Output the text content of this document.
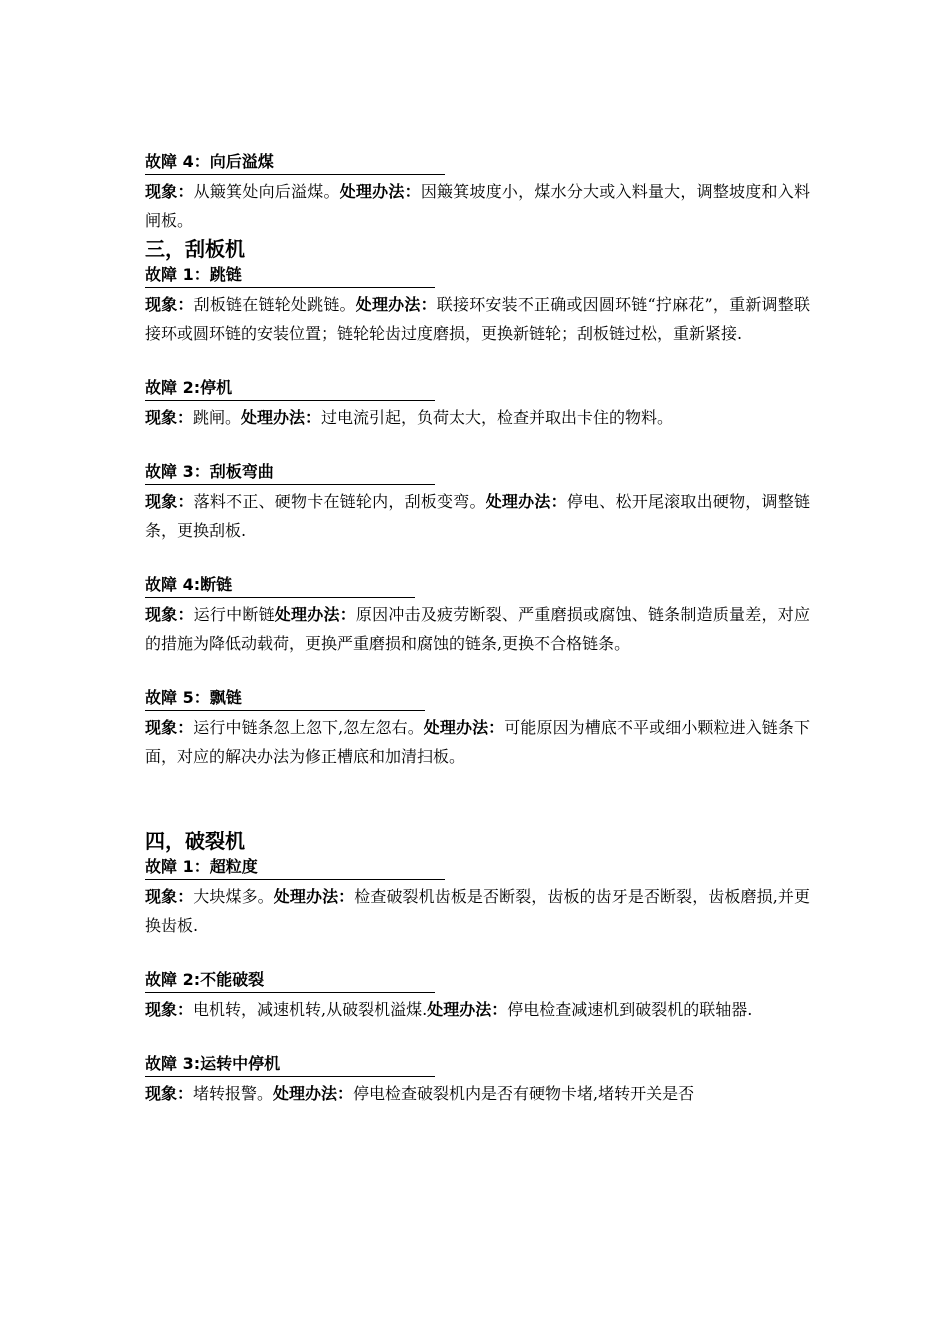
故障 4：向后溢煤

现象：从簸箕处向后溢煤。处理办法：因簸箕坡度小，煤水分大或入料量大，调整坡度和入料闸板。

三，刮板机
故障 1：跳链

现象：刮板链在链轮处跳链。处理办法：联接环安装不正确或因圆环链“拧麻花”，重新调整联接环或圆环链的安装位置；链轮轮齿过度磨损，更换新链轮；刮板链过松，重新紧接.

故障 2:停机

现象：跳闸。处理办法：过电流引起，负荷太大，检查并取出卡住的物料。

故障 3：刮板弯曲

现象：落料不正、硬物卡在链轮内，刮板变弯。处理办法：停电、松开尾滚取出硬物，调整链条，更换刮板.

故障 4:断链

现象：运行中断链处理办法：原因冲击及疲劳断裂、严重磨损或腐蚀、链条制造质量差，对应的措施为降低动载荷，更换严重磨损和腐蚀的链条,更换不合格链条。

故障 5：飘链

现象：运行中链条忽上忽下,忽左忽右。处理办法：可能原因为槽底不平或细小颗粒进入链条下面，对应的解决办法为修正槽底和加清扫板。

四，破裂机
故障 1：超粒度

现象：大块煤多。处理办法：检查破裂机齿板是否断裂，齿板的齿牙是否断裂，齿板磨损,并更换齿板.

故障 2:不能破裂

现象：电机转，减速机转,从破裂机溢煤.处理办法：停电检查减速机到破裂机的联轴器.

故障 3:运转中停机

现象：堵转报警。处理办法：停电检查破裂机内是否有硬物卡堵,堵转开关是否
